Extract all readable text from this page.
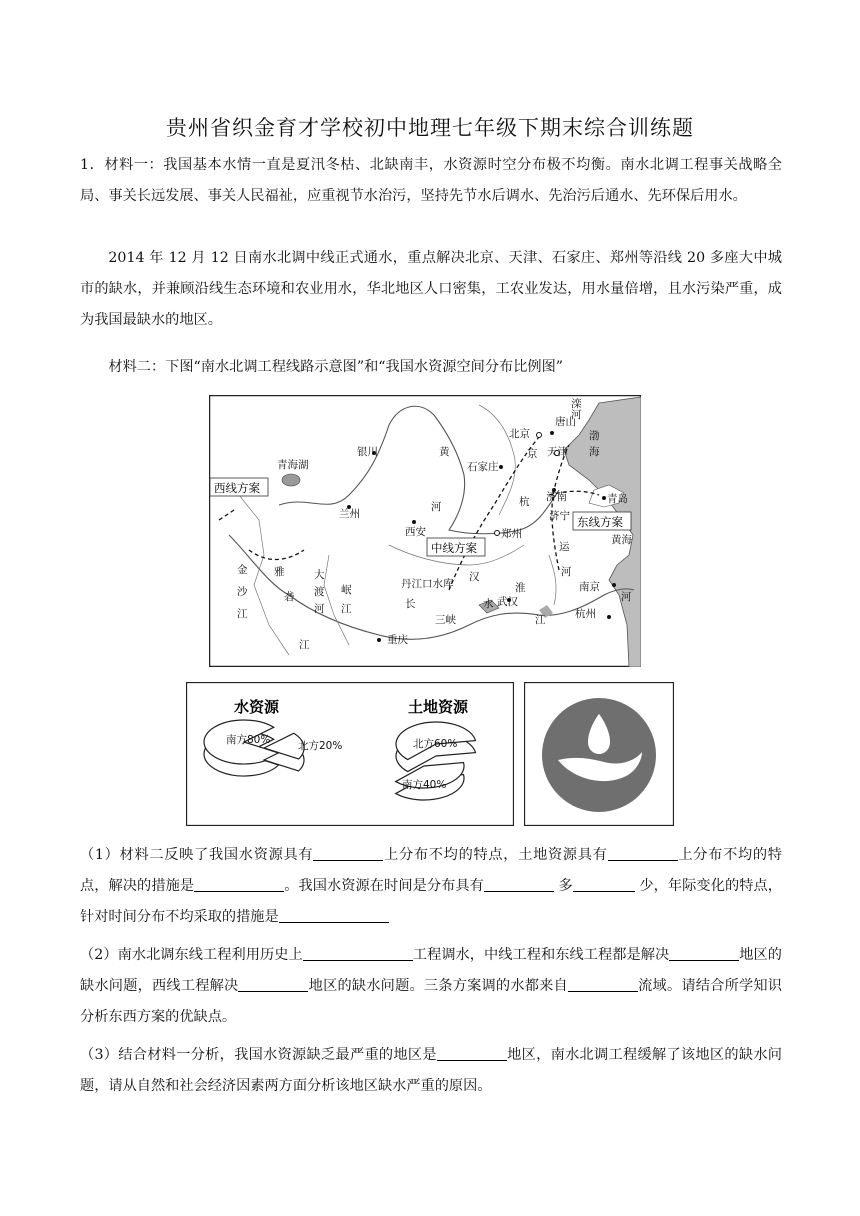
贵州省织金育才学校初中地理七年级下期末综合训练题

1．材料一：我国基本水情一直是夏汛冬枯、北缺南丰，水资源时空分布极不均衡。南水北调工程事关战略全局、事关长远发展、事关人民福祉，应重视节水治污，坚持先节水后调水、先治污后通水、先环保后用水。

2014 年 12 月 12 日南水北调中线正式通水，重点解决北京、天津、石家庄、郑州等沿线 20 多座大中城市的缺水，并兼顾沿线生态环境和农业用水，华北地区人口密集，工农业发达，用水量倍增，且水污染严重，成为我国最缺水的地区。

材料二：下图“南水北调工程线路示意图”和“我国水资源空间分布比例图”

滦
河
渤
海
唐山
北京
天津
京
银川	黄
青海湖	石家庄
兰州
河	杭 济南	青岛
济宁
黄海
西安	郑州
运
金
沙
江
雅
砻
江
大
渡
河
岷
江
河
丹江口水库
汉
淮
河
南京
长	水 武汉
三峡
重庆
江	杭州
西线方案
东线方案
中线方案
水资源	土地资源
南方80%	北方20%	北方60%
南方40%

（1）材料二反映了我国水资源具有	上分布不均的特点，土地资源具有	上分布不均的特点，解决的措施是	。我国水资源在时间是分布具有	多	少，年际变化的特点，针对时间分布不均采取的措施是

（2）南水北调东线工程利用历史上	工程调水，中线工程和东线工程都是解决	地区的缺水问题，西线工程解决	地区的缺水问题。三条方案调的水都来自	流域。请结合所学知识分析东西方案的优缺点。

（3）结合材料一分析，我国水资源缺乏最严重的地区是	地区，南水北调工程缓解了该地区的缺水问题，请从自然和社会经济因素两方面分析该地区缺水严重的原因。
